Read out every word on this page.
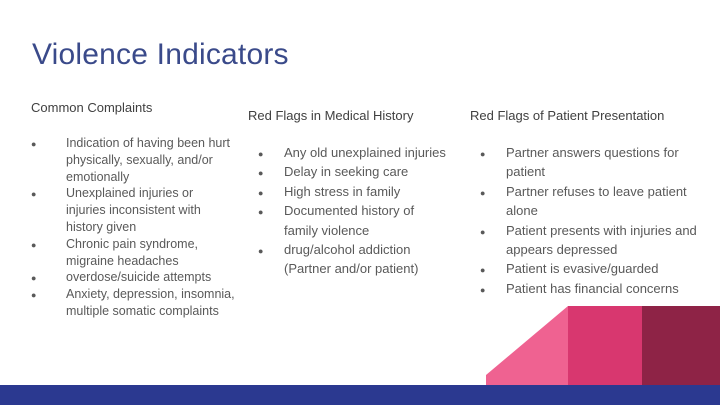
Violence Indicators
Common Complaints
● Indication of having been hurt physically, sexually, and/or emotionally
● Unexplained injuries or injuries inconsistent with history given
● Chronic pain syndrome, migraine headaches
● overdose/suicide attempts
● Anxiety, depression, insomnia, multiple somatic complaints
Red Flags in Medical History
● Any old unexplained injuries
● Delay in seeking care
● High stress in family
● Documented history of family violence
● drug/alcohol addiction (Partner and/or patient)
Red Flags of Patient Presentation
● Partner answers questions for patient
● Partner refuses to leave patient alone
● Patient presents with injuries and appears depressed
● Patient is evasive/guarded
● Patient has financial concerns
